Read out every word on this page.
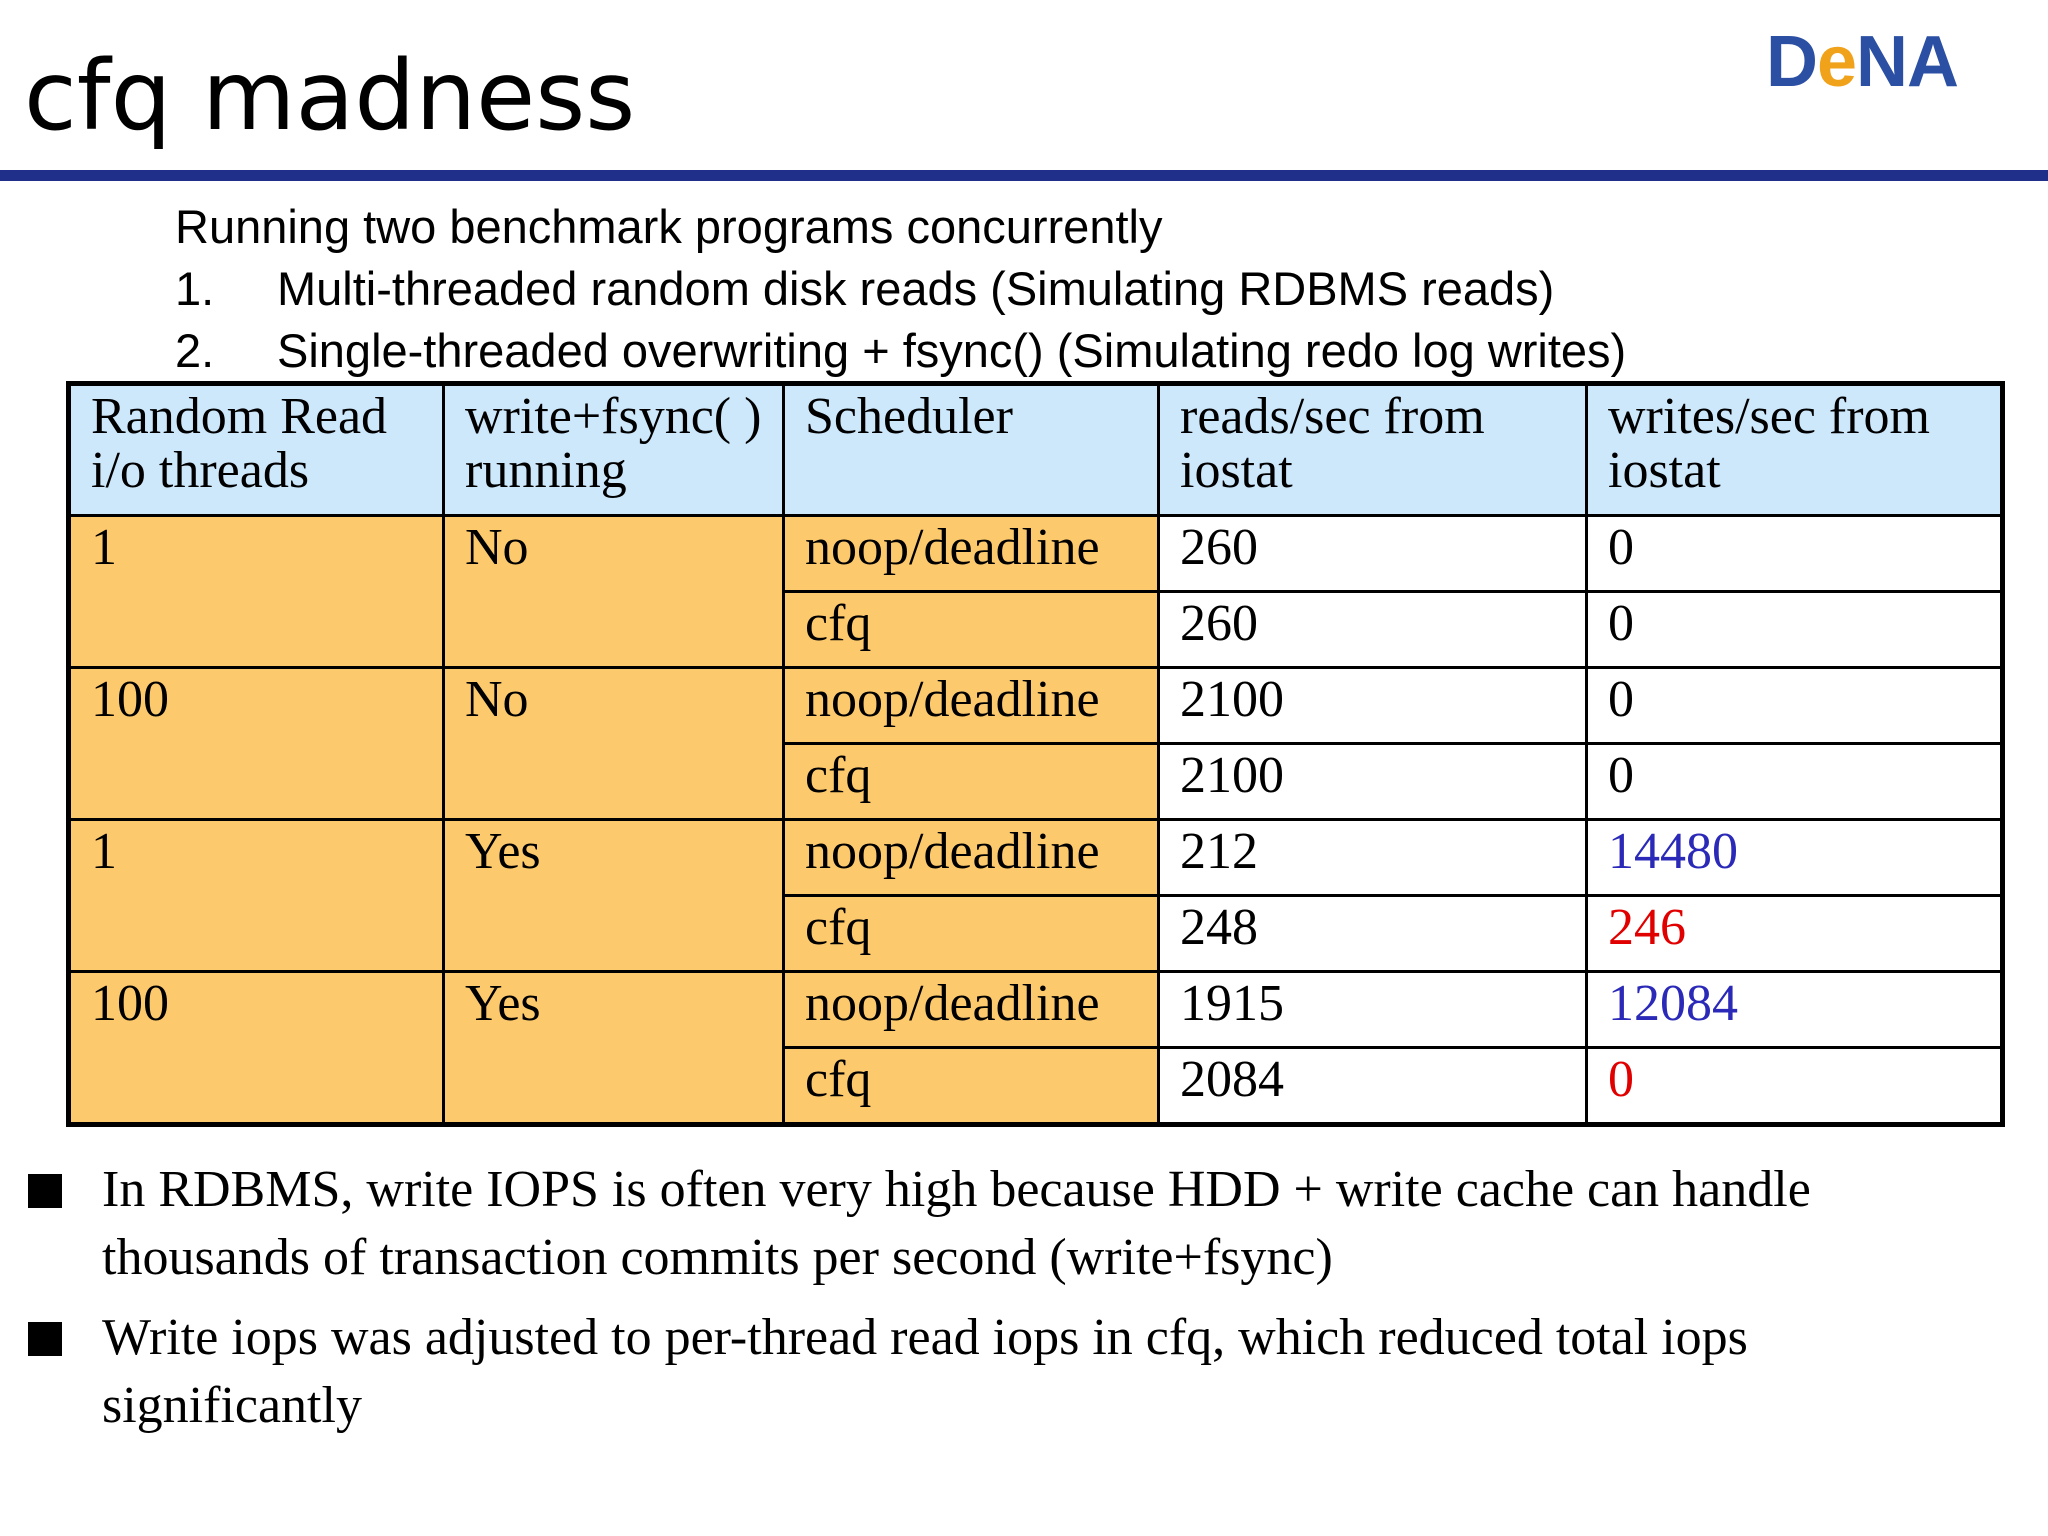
cfq madness	D e NA
Running two benchmark programs concurrently
1.	Multi-threaded random disk reads (Simulating RDBMS reads)
2.	Single-threaded overwriting + fsync() (Simulating redo log writes)
Random Read i/o threads	write+fsync( ) running	Scheduler	reads/sec from iostat	writes/sec from iostat
1	No	noop/deadline	260	0
		cfq	260	0
100	No	noop/deadline	2100	0
		cfq	2100	0
1	Yes	noop/deadline	212	14480
		cfq	248	246
100	Yes	noop/deadline	1915	12084
		cfq	2084	0
In RDBMS, write IOPS is often very high because HDD + write cache can handle thousands of transaction commits per second (write+fsync)
Write iops was adjusted to per-thread read iops in cfq, which reduced total iops significantly
